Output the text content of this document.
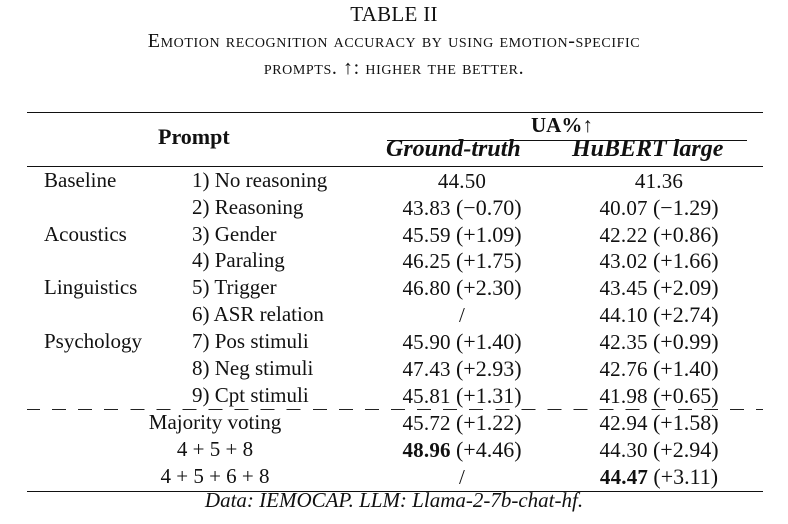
TABLE II
Emotion recognition accuracy by using emotion-specific
prompts. ↑: higher the better.
Prompt	UA%↑
Ground-truth HuBERT large
Baseline	1) No reasoning	44.50	41.36
2) Reasoning	43.83 (−0.70)	40.07 (−1.29)
Acoustics	3) Gender	45.59 (+1.09)	42.22 (+0.86)
4) Paraling	46.25 (+1.75)	43.02 (+1.66)
Linguistics	5) Trigger	46.80 (+2.30)	43.45 (+2.09)
6) ASR relation	/	44.10 (+2.74)
Psychology 7) Pos stimuli	45.90 (+1.40)	42.35 (+0.99)
8) Neg stimuli	47.43 (+2.93)	42.76 (+1.40)
9) Cpt stimuli	45.81 (+1.31)	41.98 (+0.65)
Majority voting	45.72 (+1.22)	42.94 (+1.58)
4 + 5 + 8	48.96 (+4.46)	44.30 (+2.94)
4 + 5 + 6 + 8	/	44.47 (+3.11)
Data: IEMOCAP. LLM: Llama-2-7b-chat-hf.
